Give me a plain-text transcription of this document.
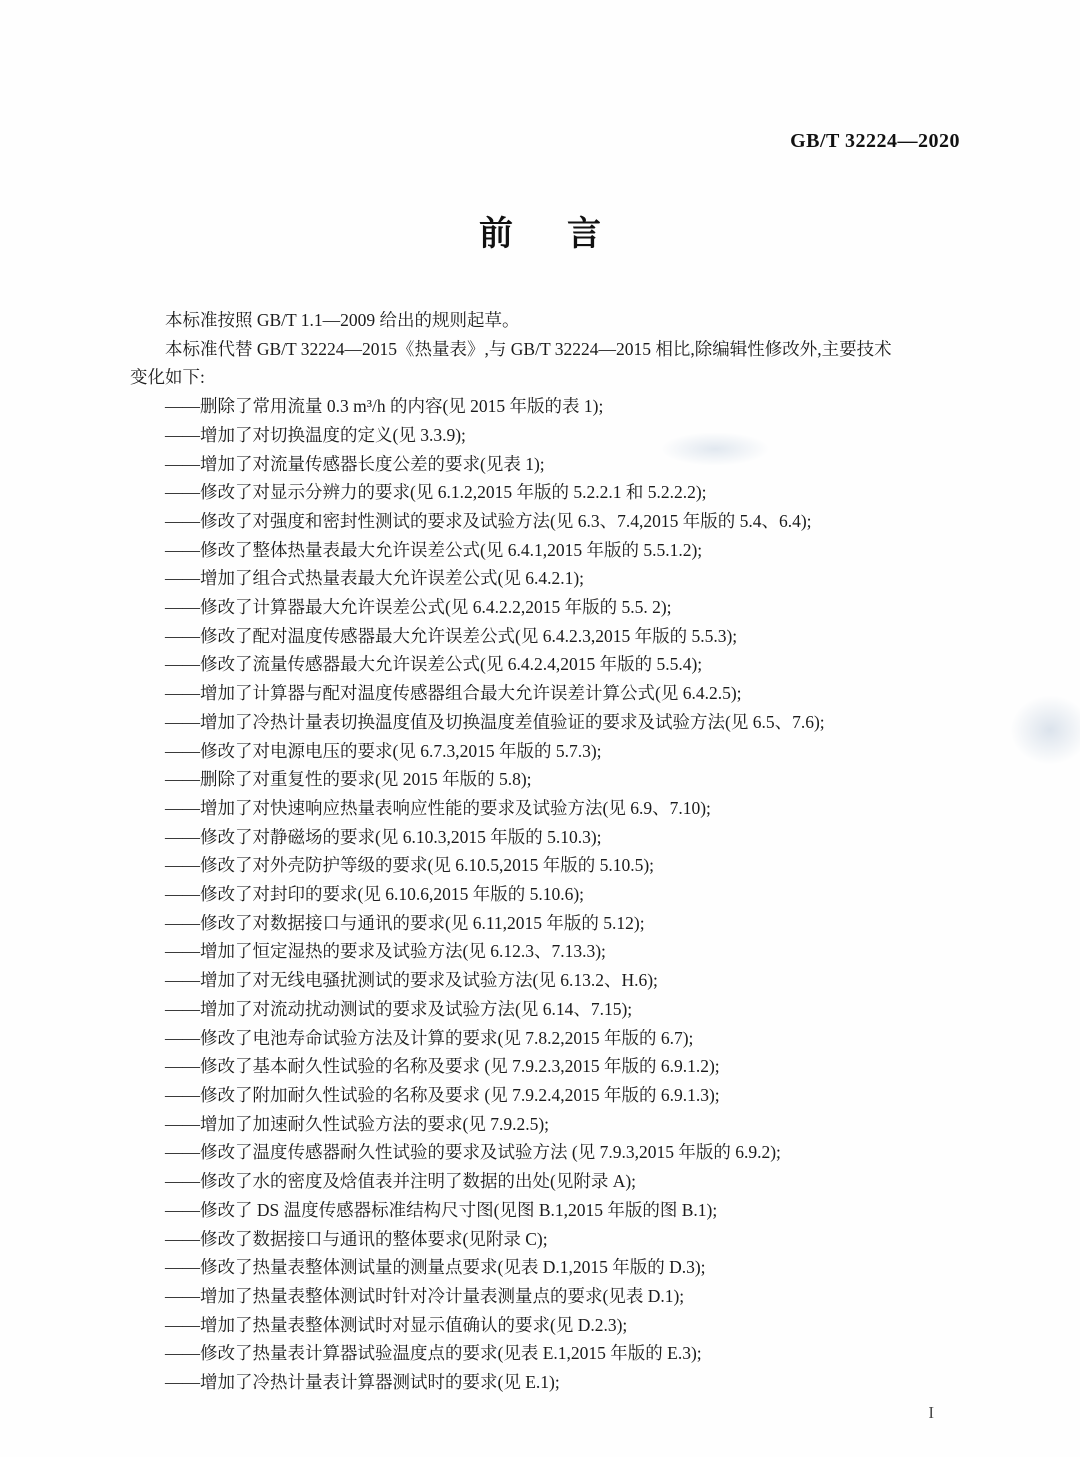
GB/T 32224—2020
前 言

本标准按照 GB/T 1.1—2009 给出的规则起草。

本标准代替 GB/T 32224—2015《热量表》,与 GB/T 32224—2015 相比,除编辑性修改外,主要技术

变化如下:

——删除了常用流量 0.3 m³/h 的内容(见 2015 年版的表 1);
——增加了对切换温度的定义(见 3.3.9);
——增加了对流量传感器长度公差的要求(见表 1);
——修改了对显示分辨力的要求(见 6.1.2,2015 年版的 5.2.2.1 和 5.2.2.2);
——修改了对强度和密封性测试的要求及试验方法(见 6.3、7.4,2015 年版的 5.4、6.4);
——修改了整体热量表最大允许误差公式(见 6.4.1,2015 年版的 5.5.1.2);
——增加了组合式热量表最大允许误差公式(见 6.4.2.1);
——修改了计算器最大允许误差公式(见 6.4.2.2,2015 年版的 5.5. 2);
——修改了配对温度传感器最大允许误差公式(见 6.4.2.3,2015 年版的 5.5.3);
——修改了流量传感器最大允许误差公式(见 6.4.2.4,2015 年版的 5.5.4);
——增加了计算器与配对温度传感器组合最大允许误差计算公式(见 6.4.2.5);
——增加了冷热计量表切换温度值及切换温度差值验证的要求及试验方法(见 6.5、7.6);
——修改了对电源电压的要求(见 6.7.3,2015 年版的 5.7.3);
——删除了对重复性的要求(见 2015 年版的 5.8);
——增加了对快速响应热量表响应性能的要求及试验方法(见 6.9、7.10);
——修改了对静磁场的要求(见 6.10.3,2015 年版的 5.10.3);
——修改了对外壳防护等级的要求(见 6.10.5,2015 年版的 5.10.5);
——修改了对封印的要求(见 6.10.6,2015 年版的 5.10.6);
——修改了对数据接口与通讯的要求(见 6.11,2015 年版的 5.12);
——增加了恒定湿热的要求及试验方法(见 6.12.3、7.13.3);
——增加了对无线电骚扰测试的要求及试验方法(见 6.13.2、H.6);
——增加了对流动扰动测试的要求及试验方法(见 6.14、7.15);
——修改了电池寿命试验方法及计算的要求(见 7.8.2,2015 年版的 6.7);
——修改了基本耐久性试验的名称及要求 (见 7.9.2.3,2015 年版的 6.9.1.2);
——修改了附加耐久性试验的名称及要求 (见 7.9.2.4,2015 年版的 6.9.1.3);
——增加了加速耐久性试验方法的要求(见 7.9.2.5);
——修改了温度传感器耐久性试验的要求及试验方法 (见 7.9.3,2015 年版的 6.9.2);
——修改了水的密度及焓值表并注明了数据的出处(见附录 A);
——修改了 DS 温度传感器标准结构尺寸图(见图 B.1,2015 年版的图 B.1);
——修改了数据接口与通讯的整体要求(见附录 C);
——修改了热量表整体测试量的测量点要求(见表 D.1,2015 年版的 D.3);
——增加了热量表整体测试时针对冷计量表测量点的要求(见表 D.1);
——增加了热量表整体测试时对显示值确认的要求(见 D.2.3);
——修改了热量表计算器试验温度点的要求(见表 E.1,2015 年版的 E.3);
——增加了冷热计量表计算器测试时的要求(见 E.1);
I
